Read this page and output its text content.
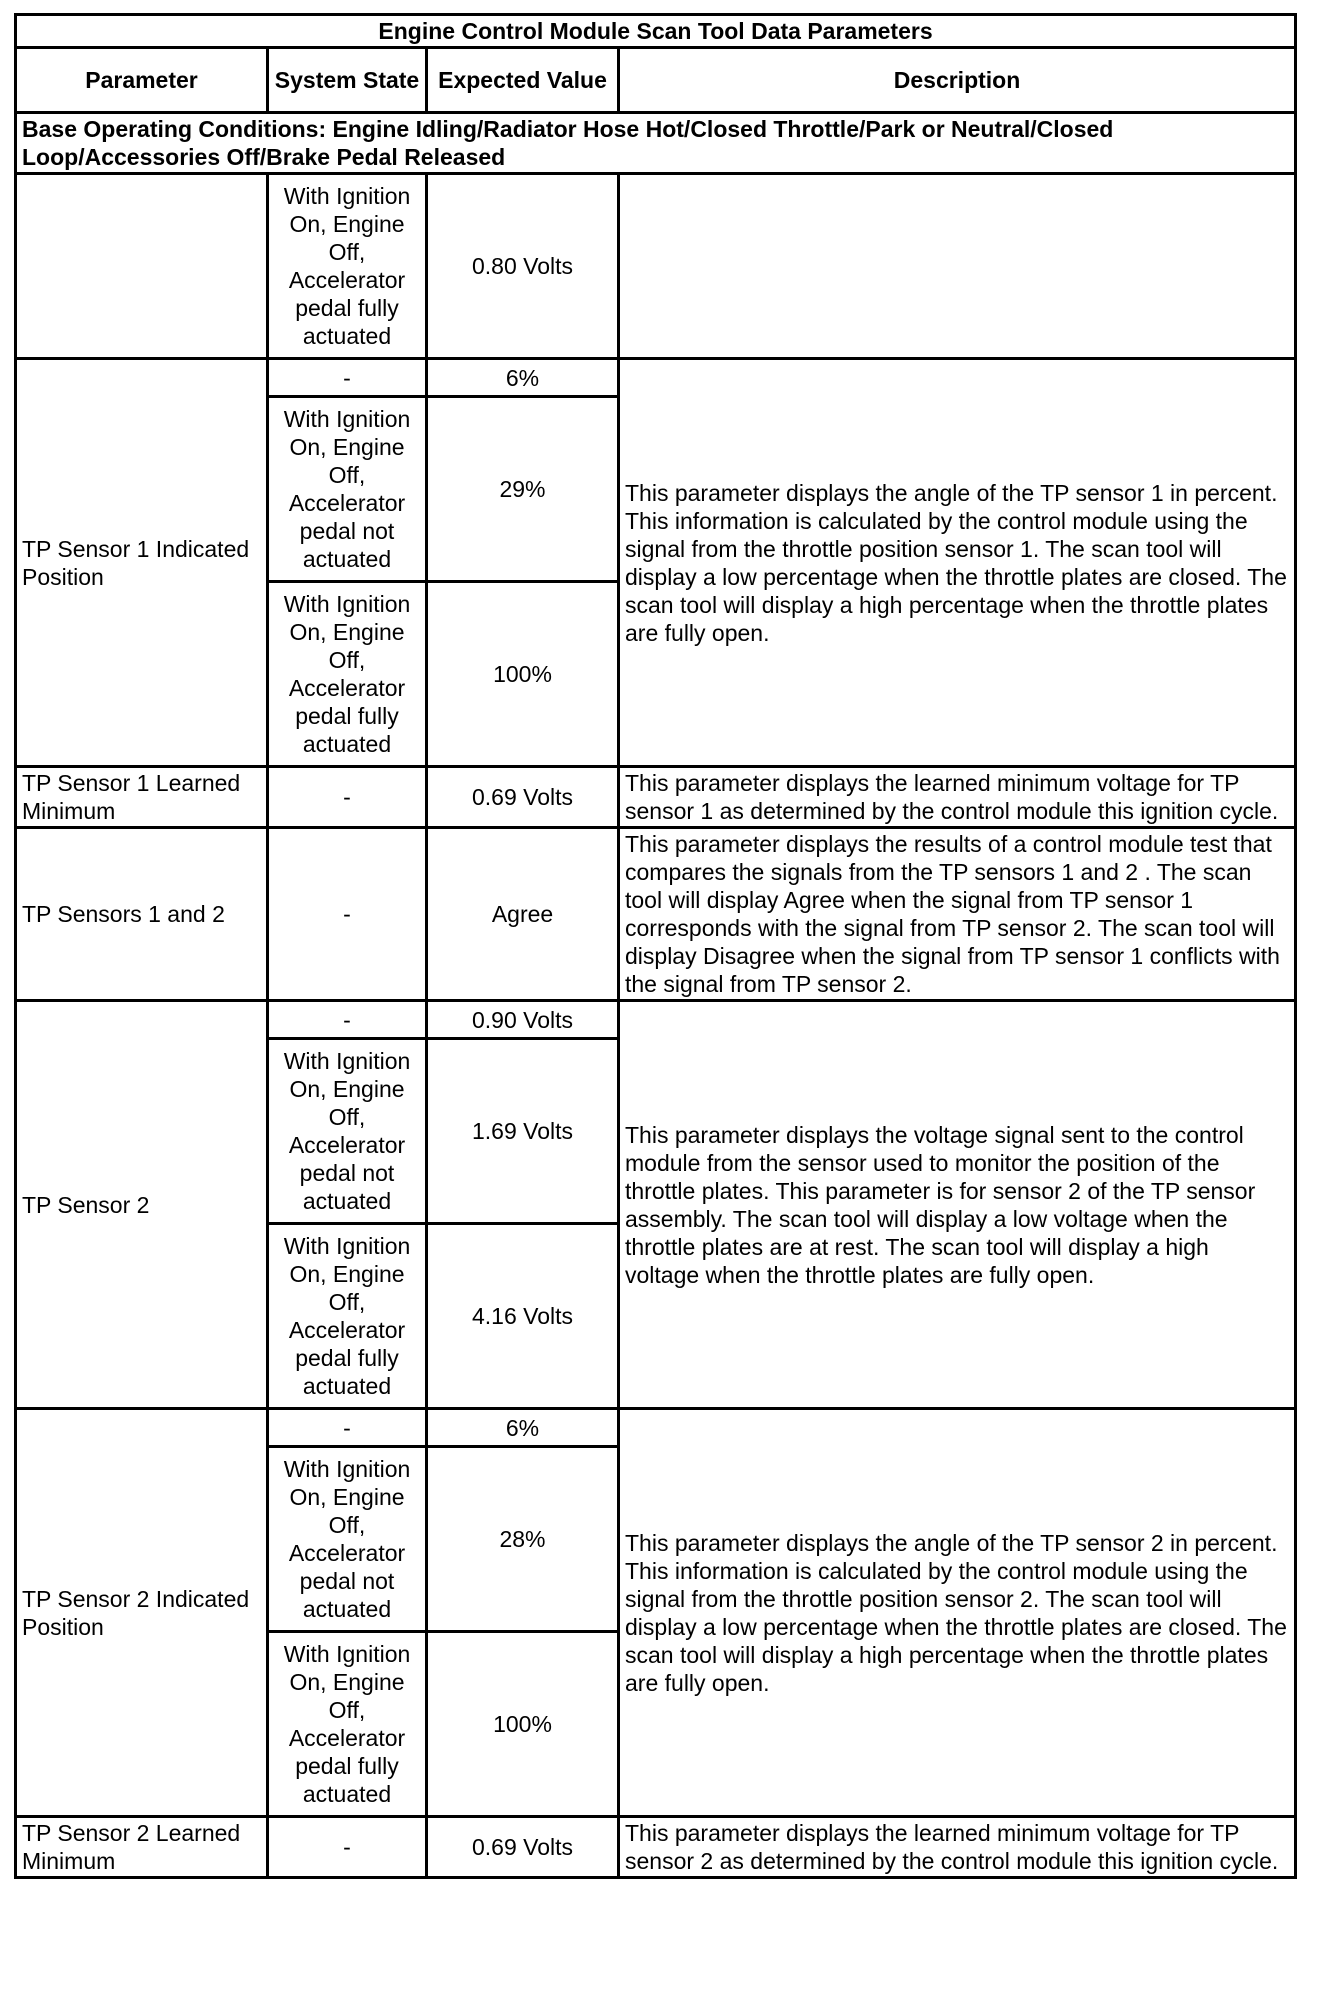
Engine Control Module Scan Tool Data Parameters			
Parameter	System State	Expected Value	Description
Base Operating Conditions: Engine Idling/Radiator Hose Hot/Closed Throttle/Park or Neutral/Closed Loop/Accessories Off/Brake Pedal Released			
	With Ignition On, Engine Off, Accelerator pedal fully actuated	0.80 Volts	
TP Sensor 1 Indicated Position	-	6%	This parameter displays the angle of the TP sensor 1 in percent. This information is calculated by the control module using the signal from the throttle position sensor 1. The scan tool will display a low percentage when the throttle plates are closed. The scan tool will display a high percentage when the throttle plates are fully open.
	With Ignition On, Engine Off, Accelerator pedal not actuated	29%	
	With Ignition On, Engine Off, Accelerator pedal fully actuated	100%	
TP Sensor 1 Learned Minimum	-	0.69 Volts	This parameter displays the learned minimum voltage for TP sensor 1 as determined by the control module this ignition cycle.
TP Sensors 1 and 2	-	Agree	This parameter displays the results of a control module test that compares the signals from the TP sensors 1 and 2 . The scan tool will display Agree when the signal from TP sensor 1 corresponds with the signal from TP sensor 2. The scan tool will display Disagree when the signal from TP sensor 1 conflicts with the signal from TP sensor 2.
TP Sensor 2	-	0.90 Volts	This parameter displays the voltage signal sent to the control module from the sensor used to monitor the position of the throttle plates. This parameter is for sensor 2 of the TP sensor assembly. The scan tool will display a low voltage when the throttle plates are at rest. The scan tool will display a high voltage when the throttle plates are fully open.
	With Ignition On, Engine Off, Accelerator pedal not actuated	1.69 Volts	
	With Ignition On, Engine Off, Accelerator pedal fully actuated	4.16 Volts	
TP Sensor 2 Indicated Position	-	6%	This parameter displays the angle of the TP sensor 2 in percent. This information is calculated by the control module using the signal from the throttle position sensor 2. The scan tool will display a low percentage when the throttle plates are closed. The scan tool will display a high percentage when the throttle plates are fully open.
	With Ignition On, Engine Off, Accelerator pedal not actuated	28%	
	With Ignition On, Engine Off, Accelerator pedal fully actuated	100%	
TP Sensor 2 Learned Minimum	-	0.69 Volts	This parameter displays the learned minimum voltage for TP sensor 2 as determined by the control module this ignition cycle.
